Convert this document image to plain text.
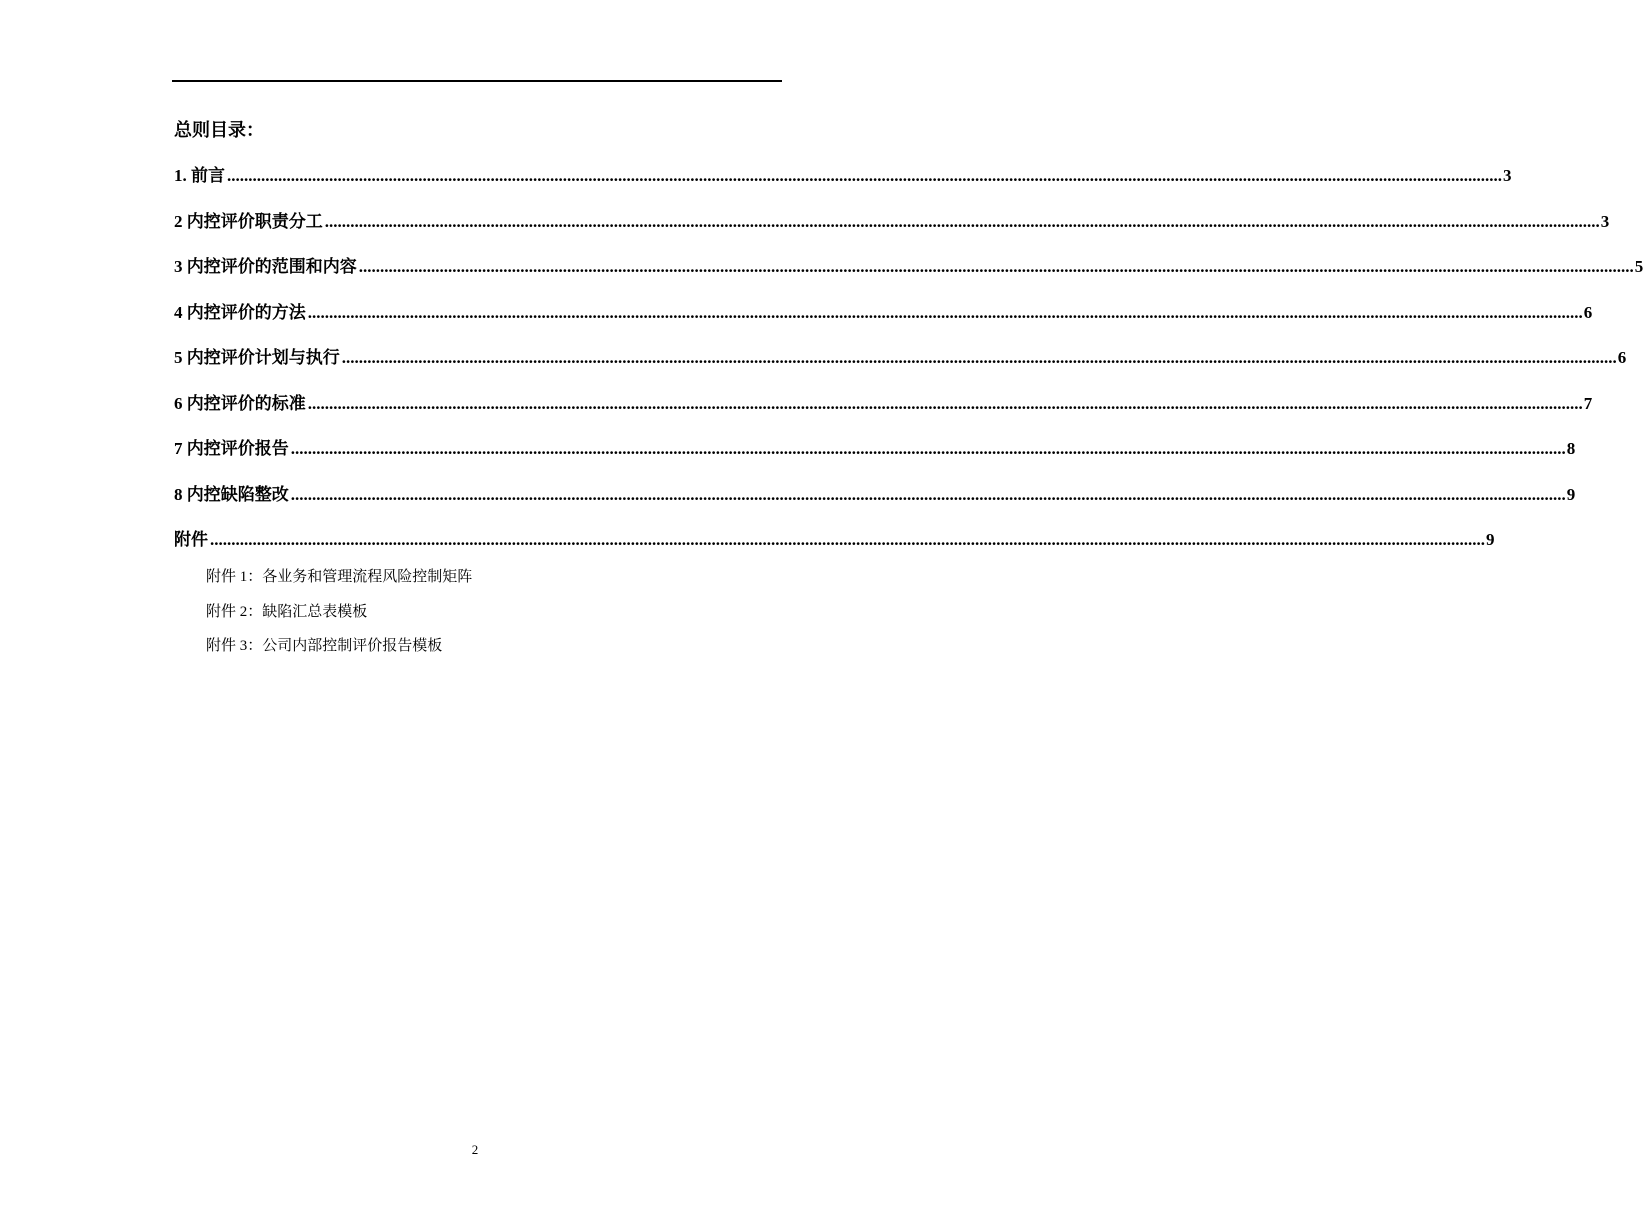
总则目录：
1. 前言 ............................................................................................................................................................................................................................................................................................................ 3
2 内控评价职责分工 ............................................................................................................................................................................................................................................................................................................ 3
3 内控评价的范围和内容 ............................................................................................................................................................................................................................................................................................................ 5
4 内控评价的方法 ............................................................................................................................................................................................................................................................................................................ 6
5 内控评价计划与执行 ............................................................................................................................................................................................................................................................................................................ 6
6 内控评价的标准 ............................................................................................................................................................................................................................................................................................................ 7
7 内控评价报告 ............................................................................................................................................................................................................................................................................................................ 8
8 内控缺陷整改 ............................................................................................................................................................................................................................................................................................................ 9
附件 ............................................................................................................................................................................................................................................................................................................ 9
附件 1：各业务和管理流程风险控制矩阵
附件 2：缺陷汇总表模板
附件 3：公司内部控制评价报告模板
2
